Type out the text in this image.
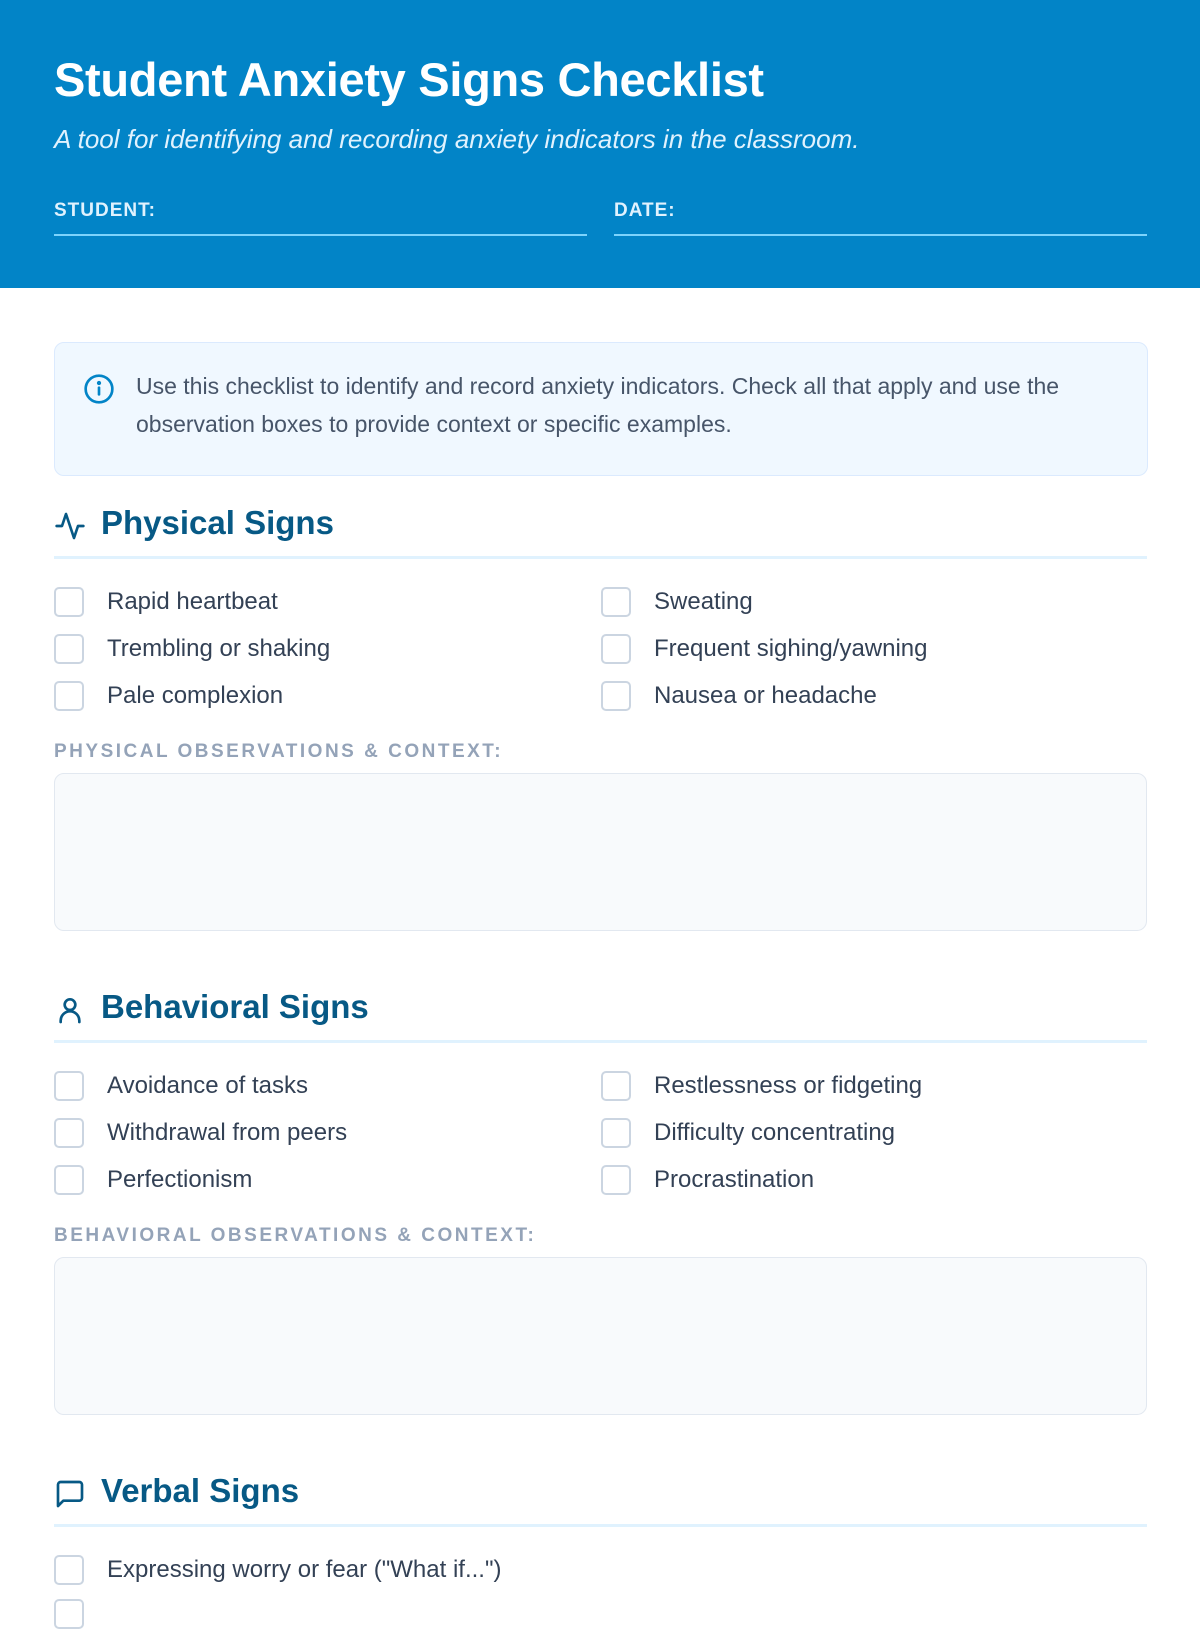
Student Anxiety Signs Checklist
A tool for identifying and recording anxiety indicators in the classroom.
STUDENT:	DATE:
Use this checklist to identify and record anxiety indicators. Check all that apply and use the observation boxes to provide context or specific examples.
Physical Signs
Rapid heartbeat	Sweating
Trembling or shaking	Frequent sighing/yawning
Pale complexion	Nausea or headache
PHYSICAL OBSERVATIONS & CONTEXT:
Behavioral Signs
Avoidance of tasks	Restlessness or fidgeting
Withdrawal from peers	Difficulty concentrating
Perfectionism	Procrastination
BEHAVIORAL OBSERVATIONS & CONTEXT:
Verbal Signs
Expressing worry or fear ("What if...")
